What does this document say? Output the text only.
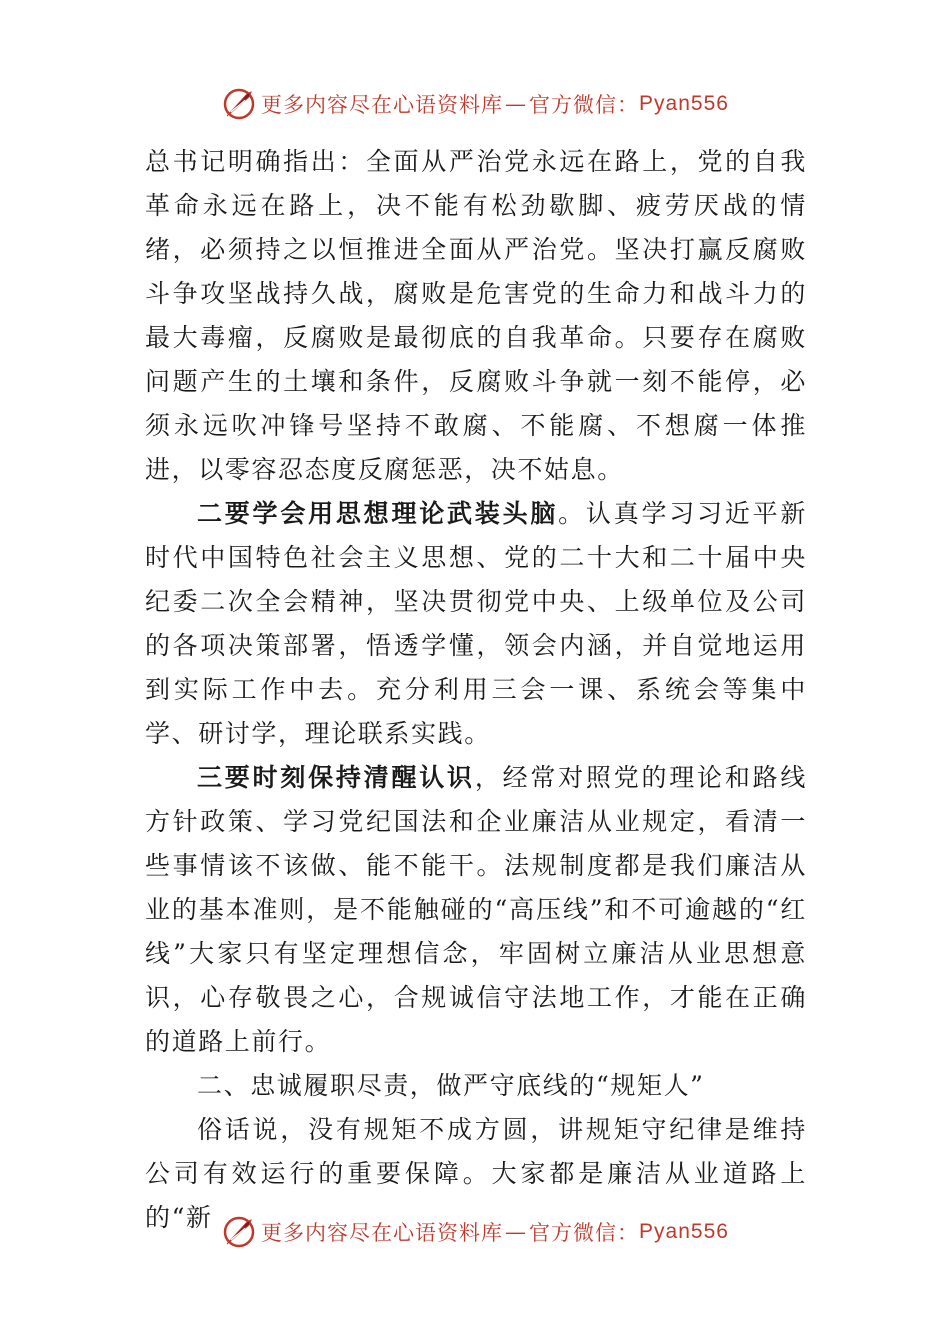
更多内容尽在心语资料库 — 官方微信： Pyan556

总书记明确指出：全面从严治党永远在路上，党的自我革命永远在路上，决不能有松劲歇脚、疲劳厌战的情绪，必须持之以恒推进全面从严治党。坚决打赢反腐败斗争攻坚战持久战，腐败是危害党的生命力和战斗力的最大毒瘤，反腐败是最彻底的自我革命。只要存在腐败问题产生的土壤和条件，反腐败斗争就一刻不能停，必须永远吹冲锋号坚持不敢腐、不能腐、不想腐一体推进，以零容忍态度反腐惩恶，决不姑息。

二要学会用思想理论武装头脑。认真学习习近平新时代中国特色社会主义思想、党的二十大和二十届中央纪委二次全会精神，坚决贯彻党中央、上级单位及公司的各项决策部署，悟透学懂，领会内涵，并自觉地运用到实际工作中去。充分利用三会一课、系统会等集中学、研讨学，理论联系实践。

三要时刻保持清醒认识，经常对照党的理论和路线方针政策、学习党纪国法和企业廉洁从业规定，看清一些事情该不该做、能不能干。法规制度都是我们廉洁从业的基本准则，是不能触碰的“高压线”和不可逾越的“红线”大家只有坚定理想信念，牢固树立廉洁从业思想意识，心存敬畏之心，合规诚信守法地工作，才能在正确的道路上前行。

二、忠诚履职尽责，做严守底线的“规矩人”

俗话说，没有规矩不成方圆，讲规矩守纪律是维持公司有效运行的重要保障。大家都是廉洁从业道路上的“新

更多内容尽在心语资料库 — 官方微信： Pyan556
